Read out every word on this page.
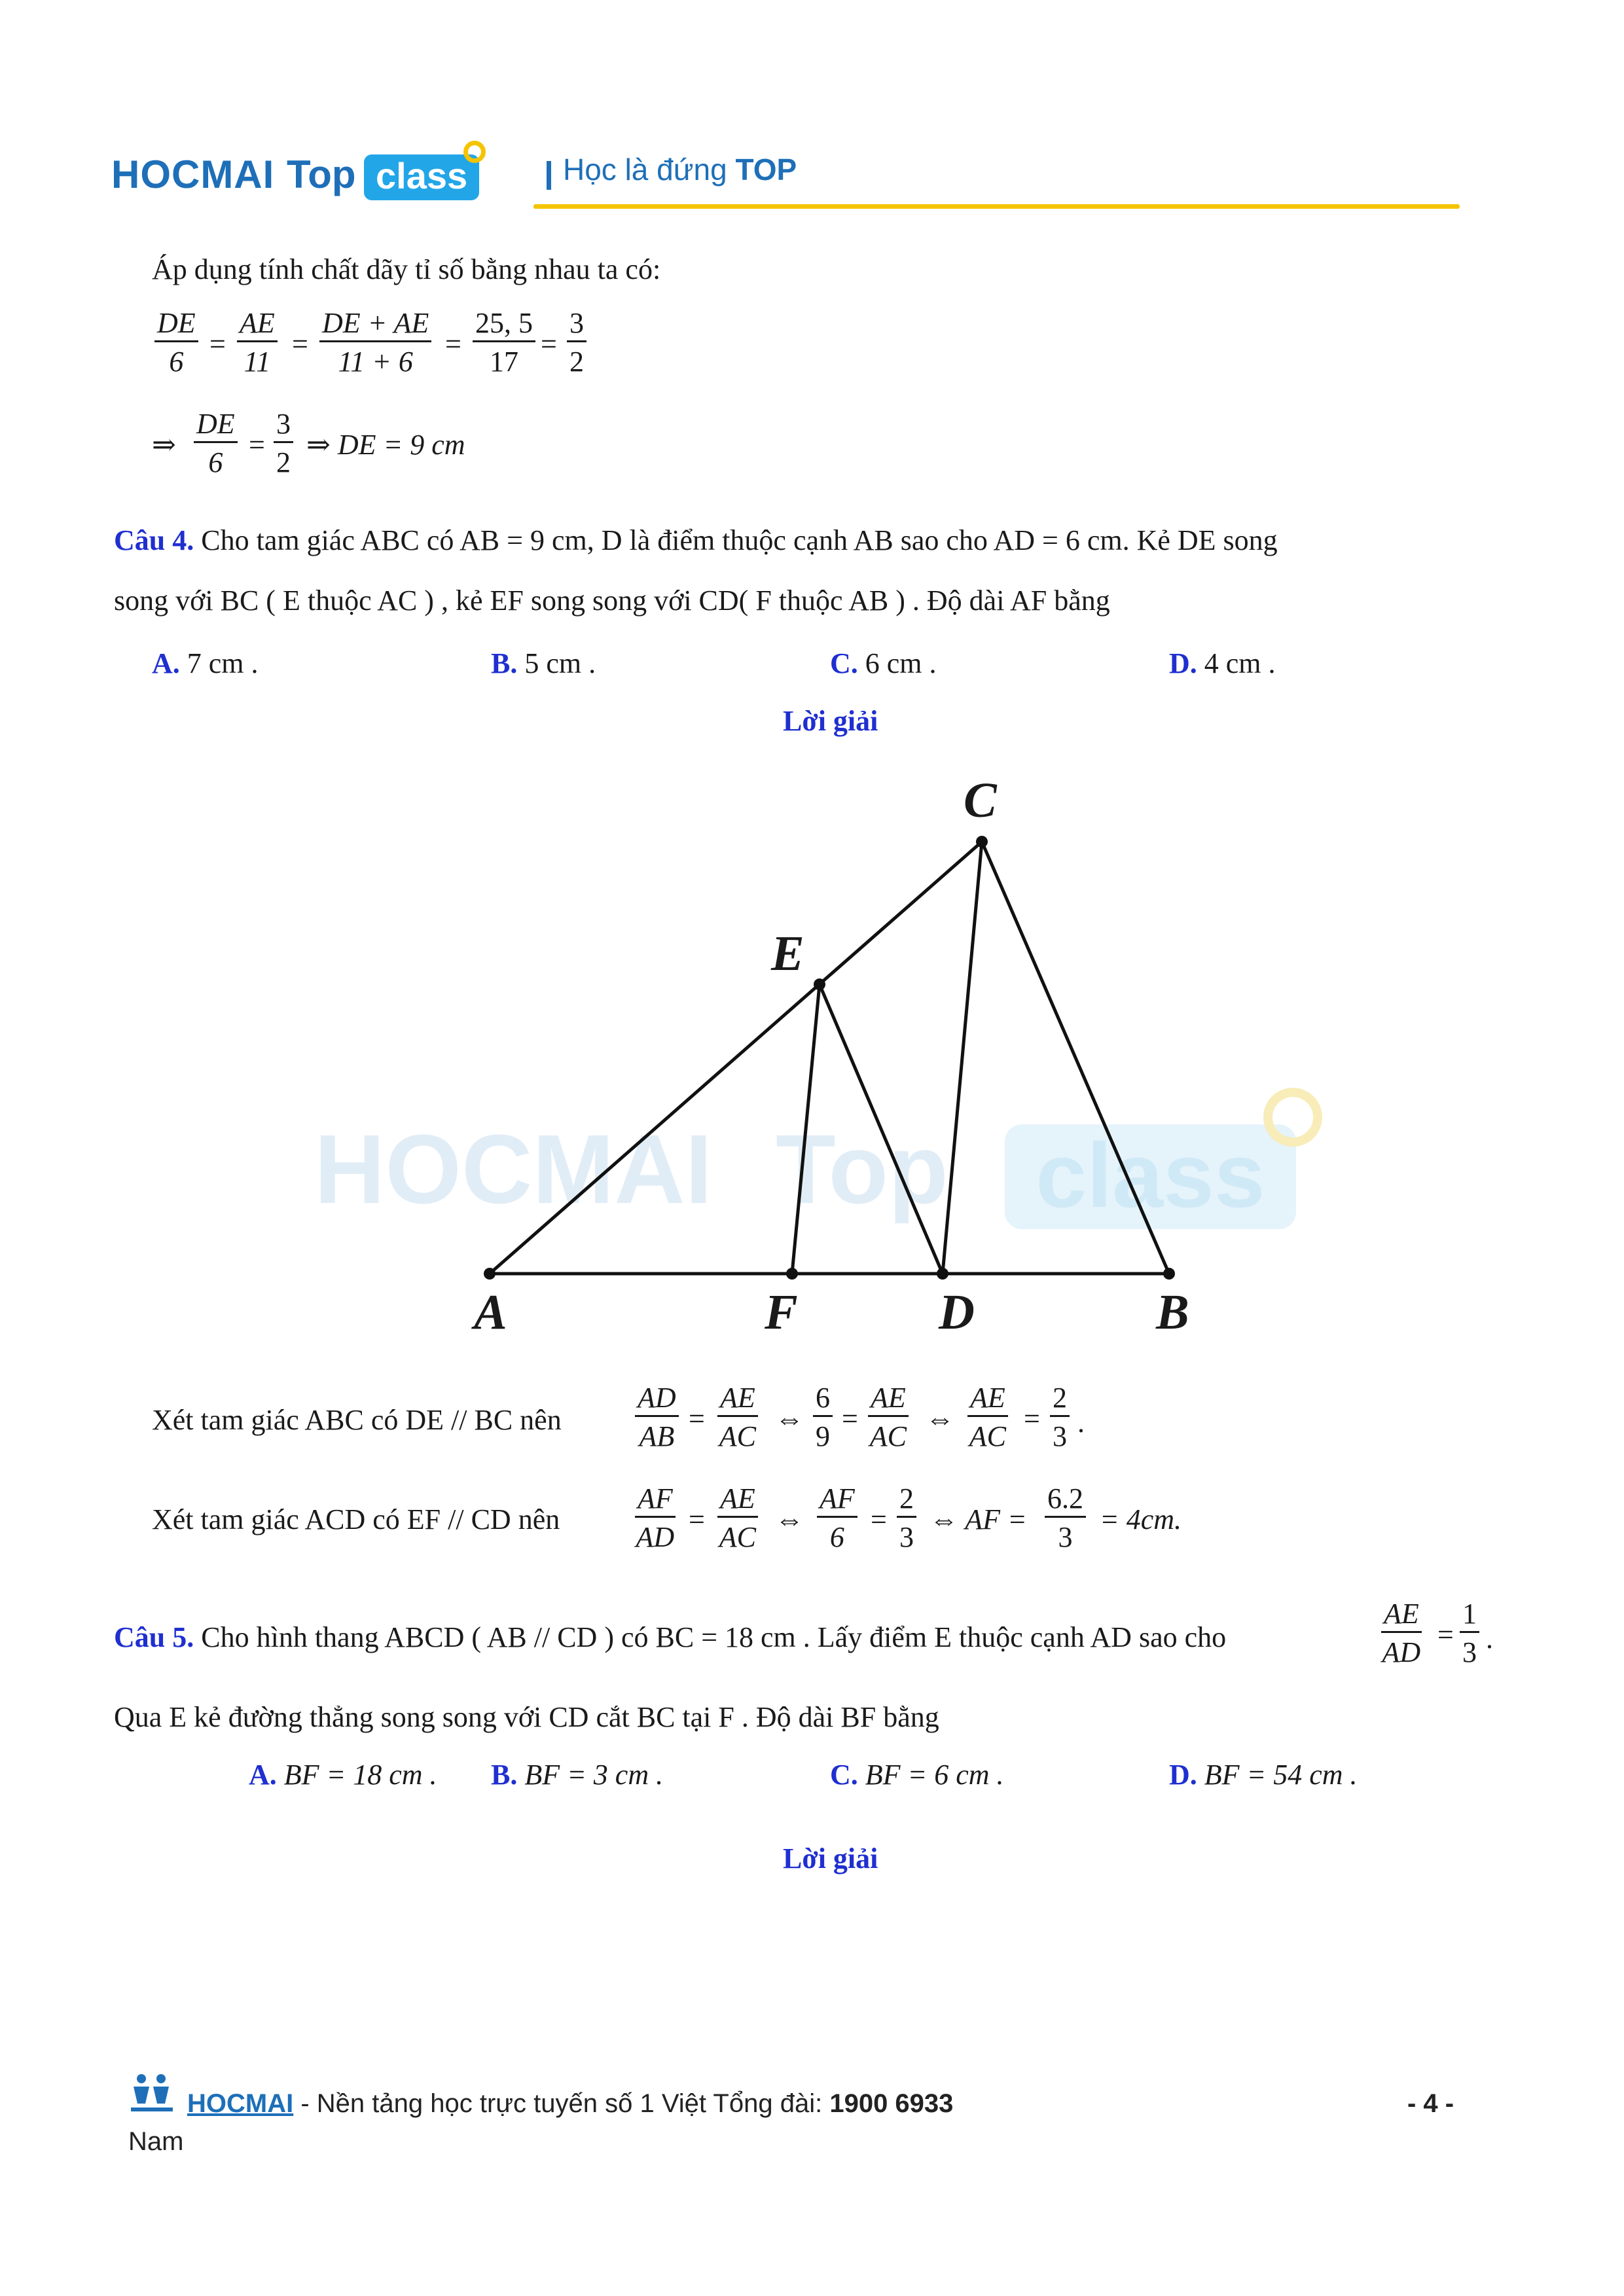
HOCMAI Top class	Học là đứng TOP
HOCMAI Top class
Áp dụng tính chất dãy tỉ số bằng nhau ta có:
$\frac{DE}{6} = \frac{AE}{11} = \frac{DE + AE}{11 + 6} = \frac{25, 5}{17} = \frac{3}{2}$
⇒ $\frac{DE}{6} = \frac{3}{2}$ ⇒ DE = 9 cm
Câu 4. Cho tam giác ABC có AB = 9 cm, D là điểm thuộc cạnh AB sao cho AD = 6 cm. Kẻ DE song
song với BC ( E thuộc AC ) , kẻ EF song song với CD( F thuộc AB ) . Độ dài AF bằng
A. 7 cm .	B. 5 cm .	C. 6 cm .	D. 4 cm .
Lời giải
C
E
A	F	D	B
Xét tam giác ABC có DE // BC nên	$\frac{AD}{AB} = \frac{AE}{AC}$ ⇔ $\frac{6}{9} = \frac{AE}{AC}$ ⇔ $\frac{AE}{AC} = \frac{2}{3}$ .
Xét tam giác ACD có EF // CD nên	$\frac{AF}{AD} = \frac{AE}{AC}$ ⇔ $\frac{AF}{6} = \frac{2}{3}$ ⇔ AF = $\frac{6.2}{3} = 4cm$.
Câu 5. Cho hình thang ABCD ( AB // CD ) có BC = 18 cm . Lấy điểm E thuộc cạnh AD sao cho	$\frac{AE}{AD} = \frac{1}{3}$ .
Qua E kẻ đường thẳng song song với CD cắt BC tại F . Độ dài BF bằng
A. BF = 18 cm . B. BF = 3 cm .	C. BF = 6 cm .	D. BF = 54 cm .
Lời giải
HOCMAI - Nền tảng học trực tuyến số 1 Việt Tổng đài: 1900 6933	- 4 -
Nam
